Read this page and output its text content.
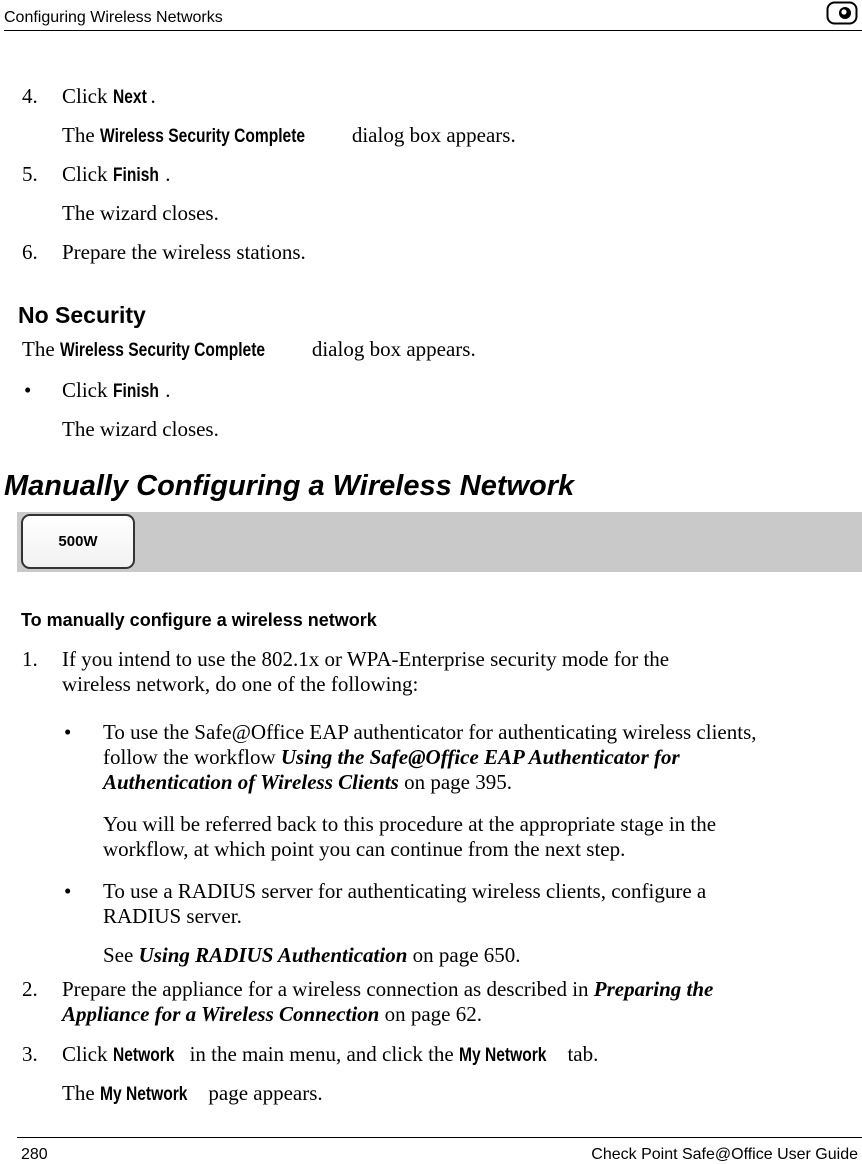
Configuring Wireless Networks
4. Click Next .
The Wireless Security Complete dialog box appears.
5. Click Finish .
The wizard closes.
6. Prepare the wireless stations.
No Security
The Wireless Security Complete dialog box appears.
• Click Finish .
The wizard closes.
Manually Configuring a Wireless Network
500W
To manually configure a wireless network
1. If you intend to use the 802.1x or WPA-Enterprise security mode for the
wireless network, do one of the following:
• To use the Safe@Office EAP authenticator for authenticating wireless clients,
follow the workflow Using the Safe@Office EAP Authenticator for
Authentication of Wireless Clients on page 395.
You will be referred back to this procedure at the appropriate stage in the
workflow, at which point you can continue from the next step.
• To use a RADIUS server for authenticating wireless clients, configure a
RADIUS server.
See Using RADIUS Authentication on page 650.
2. Prepare the appliance for a wireless connection as described in Preparing the
Appliance for a Wireless Connection on page 62.
3. Click Network in the main menu, and click the My Network tab.
The My Network page appears.
280	Check Point Safe@Office User Guide
